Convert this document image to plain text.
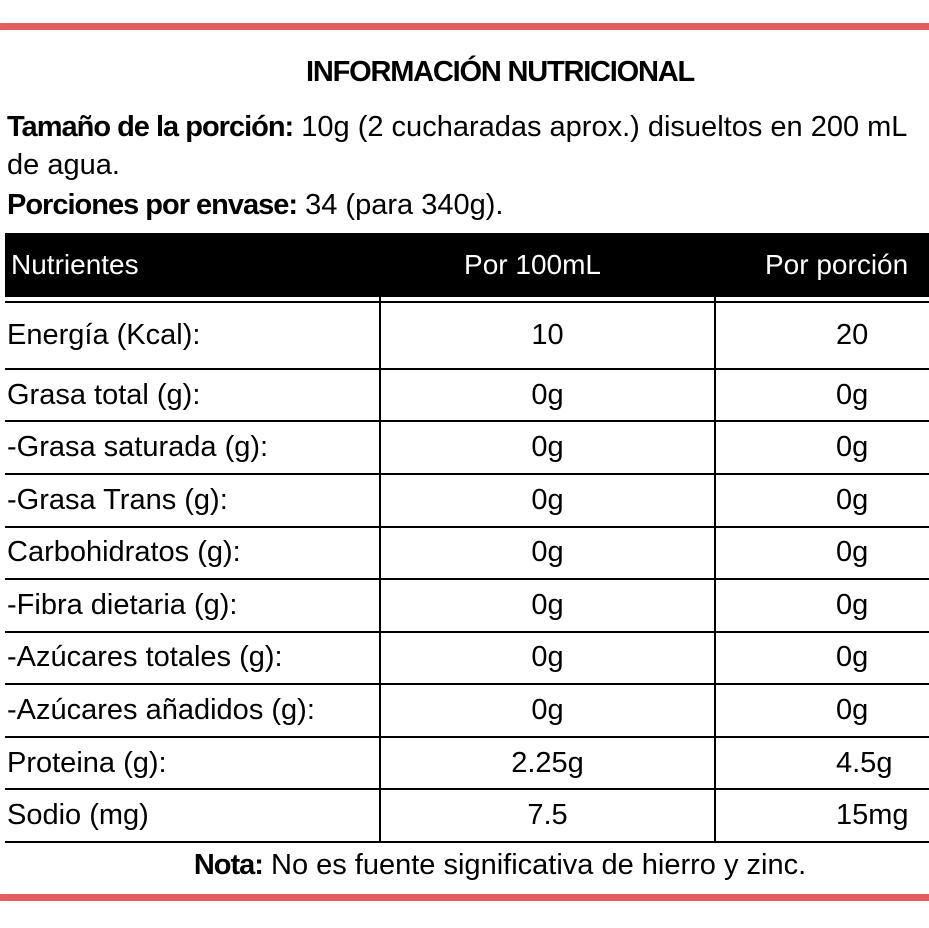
INFORMACIÓN NUTRICIONAL
Tamaño de la porción: 10g (2 cucharadas aprox.) disueltos en 200 mL de agua.
Porciones por envase: 34 (para 340g).
Nutrientes	Por 100mL	Por porción

Energía (Kcal):	10	20
Grasa total (g):	0g	0g
-Grasa saturada (g):	0g	0g
-Grasa Trans (g):	0g	0g
Carbohidratos (g):	0g	0g
-Fibra dietaria (g):	0g	0g
-Azúcares totales (g):	0g	0g
-Azúcares añadidos (g):	0g	0g
Proteina (g):	2.25g	4.5g
Sodio (mg)	7.5	15mg
Nota: No es fuente significativa de hierro y zinc.
